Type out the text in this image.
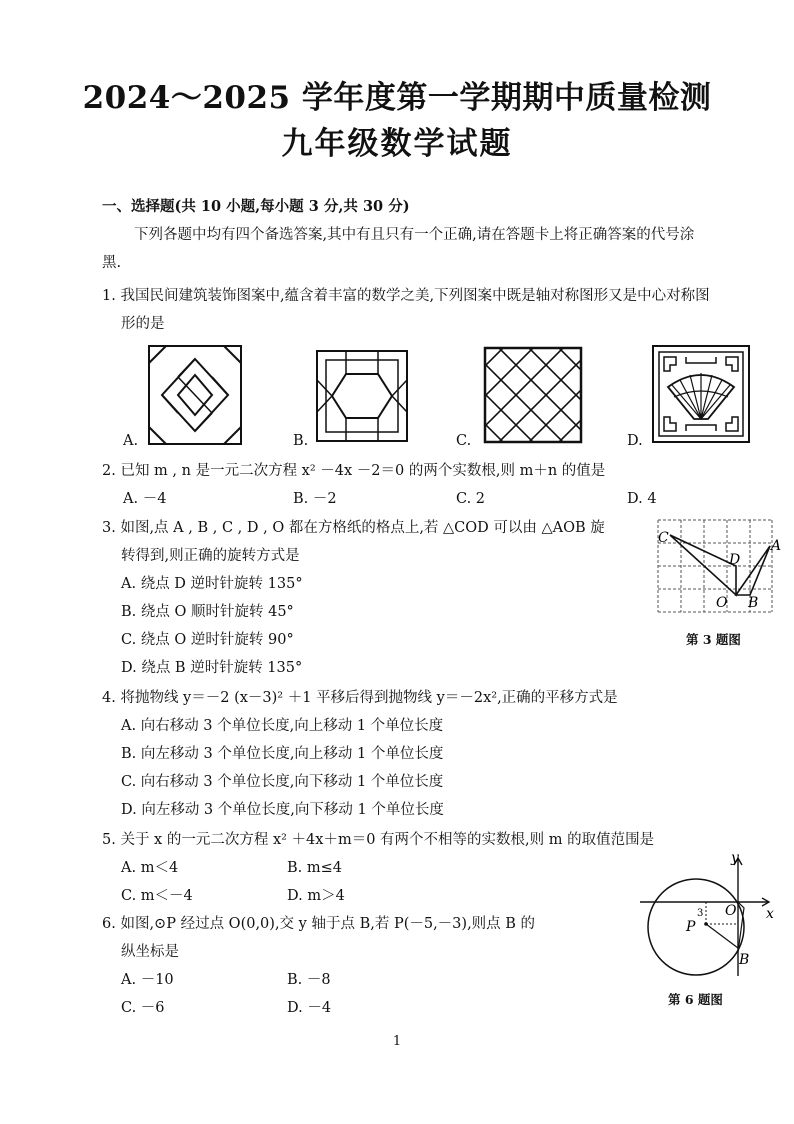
2024～2025 学年度第一学期期中质量检测
九年级数学试题
一、选择题(共 10 小题,每小题 3 分,共 30 分)
下列各题中均有四个备选答案,其中有且只有一个正确,请在答题卡上将正确答案的代号涂
黑.
1. 我国民间建筑装饰图案中,蕴含着丰富的数学之美,下列图案中既是轴对称图形又是中心对称图
形的是
A.	B.	C.	D.
2. 已知 m , n 是一元二次方程 x² －4x －2＝0 的两个实数根,则 m＋n 的值是
A. －4	B. －2	C. 2	D. 4
3. 如图,点 A , B , C , D , O 都在方格纸的格点上,若 △COD 可以由 △AOB 旋
转得到,则正确的旋转方式是
A. 绕点 D 逆时针旋转 135°
B. 绕点 O 顺时针旋转 45°
C. 绕点 O 逆时针旋转 90°
D. 绕点 B 逆时针旋转 135°
C	A
D
O B
第 3 题图
4. 将抛物线 y＝－2 (x－3)² ＋1 平移后得到抛物线 y＝－2x²,正确的平移方式是
A. 向右移动 3 个单位长度,向上移动 1 个单位长度
B. 向左移动 3 个单位长度,向上移动 1 个单位长度
C. 向右移动 3 个单位长度,向下移动 1 个单位长度
D. 向左移动 3 个单位长度,向下移动 1 个单位长度
5. 关于 x 的一元二次方程 x² ＋4x＋m＝0 有两个不相等的实数根,则 m 的取值范围是
A. m＜4	B. m≤4
C. m＜－4	D. m＞4
6. 如图,⊙P 经过点 O(0,0),交 y 轴于点 B,若 P(－5,－3),则点 B 的
纵坐标是
A. －10	B. －8
C. －6	D. －4
y
x
O
P
B
3
第 6 题图
1
